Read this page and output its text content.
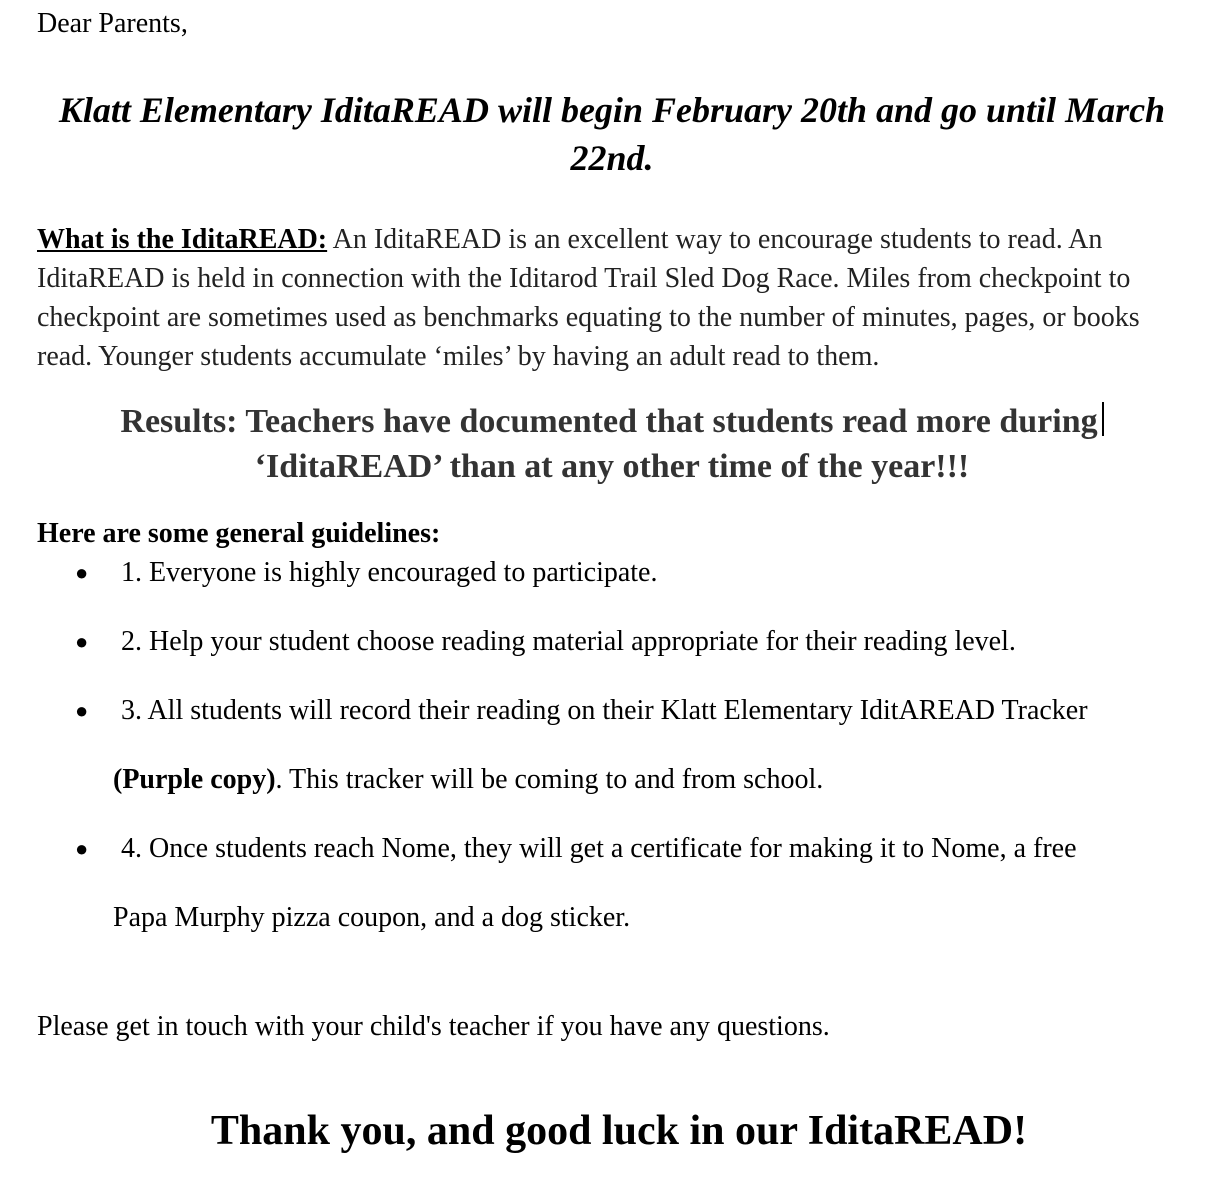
Dear Parents,

Klatt Elementary IditaREAD will begin February 20th and go until March 22nd.

What is the IditaREAD: An IditaREAD is an excellent way to encourage students to read. An IditaREAD is held in connection with the Iditarod Trail Sled Dog Race. Miles from checkpoint to checkpoint are sometimes used as benchmarks equating to the number of minutes, pages, or books read. Younger students accumulate ‘miles’ by having an adult read to them.

Results: Teachers have documented that students read more during
‘IditaREAD’ than at any other time of the year!!!

Here are some general guidelines:

● 1. Everyone is highly encouraged to participate.
● 2. Help your student choose reading material appropriate for their reading level.
● 3. All students will record their reading on their Klatt Elementary IditAREAD Tracker
(Purple copy). This tracker will be coming to and from school.
● 4. Once students reach Nome, they will get a certificate for making it to Nome, a free
Papa Murphy pizza coupon, and a dog sticker.

Please get in touch with your child's teacher if you have any questions.

Thank you, and good luck in our IditaREAD!
